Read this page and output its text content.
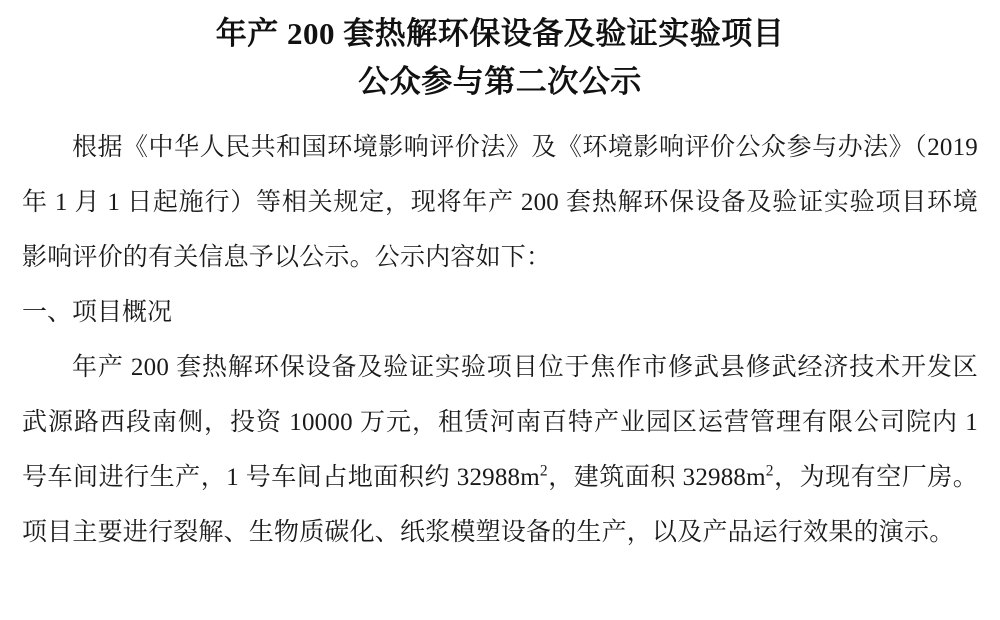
年产 200 套热解环保设备及验证实验项目
公众参与第二次公示

根据《中华人民共和国环境影响评价法》及《环境影响评价公众参与办法》（2019 年 1 月 1 日起施行）等相关规定，现将年产 200 套热解环保设备及验证实验项目环境影响评价的有关信息予以公示。公示内容如下：

一、项目概况

年产 200 套热解环保设备及验证实验项目位于焦作市修武县修武经济技术开发区武源路西段南侧，投资 10000 万元，租赁河南百特产业园区运营管理有限公司院内 1 号车间进行生产，1 号车间占地面积约 $32988m^2$，建筑面积 $32988m^2$，为现有空厂房。项目主要进行裂解、生物质碳化、纸浆模塑设备的生产，以及产品运行效果的演示。
